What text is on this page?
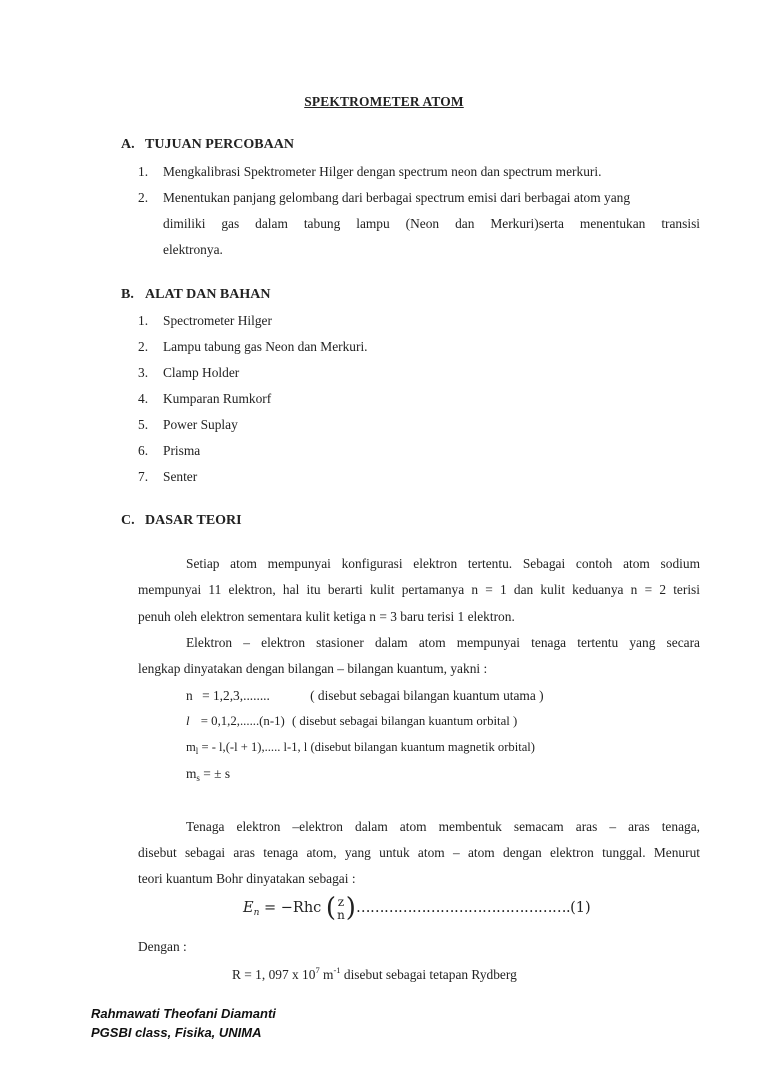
SPEKTROMETER ATOM
A. TUJUAN PERCOBAAN
1. Mengkalibrasi Spektrometer Hilger dengan spectrum neon dan spectrum merkuri.
2. Menentukan panjang gelombang dari berbagai spectrum emisi dari berbagai atom yang
dimiliki gas dalam tabung lampu (Neon dan Merkuri)serta menentukan transisi
elektronya.
B. ALAT DAN BAHAN
1. Spectrometer Hilger
2. Lampu tabung gas Neon dan Merkuri.
3. Clamp Holder
4. Kumparan Rumkorf
5. Power Suplay
6. Prisma
7. Senter
C. DASAR TEORI
Setiap atom mempunyai konfigurasi elektron tertentu. Sebagai contoh atom sodium
mempunyai 11 elektron, hal itu berarti kulit pertamanya n = 1 dan kulit keduanya n = 2 terisi
penuh oleh elektron sementara kulit ketiga n = 3 baru terisi 1 elektron.
Elektron – elektron stasioner dalam atom mempunyai tenaga tertentu yang secara
lengkap dinyatakan dengan bilangan – bilangan kuantum, yakni :
n = 1,2,3,........	( disebut sebagai bilangan kuantum utama )
l = 0,1,2,......(n-1) ( disebut sebagai bilangan kuantum orbital )
$m_l$ = - l,(-l + 1),..... l-1, l (disebut bilangan kuantum magnetik orbital)
$m_s$ = ± s
Tenaga elektron –elektron dalam atom membentuk semacam aras – aras tenaga,
disebut sebagai aras tenaga atom, yang untuk atom – atom dengan elektron tunggal. Menurut
teori kuantum Bohr dinyatakan sebagai :
$E_n = -Rhc$ ( z
n )……………………………………….(1)
Dengan :
R = 1, 097 x $10^7$ $m^{-1}$ disebut sebagai tetapan Rydberg
Rahmawati Theofani Diamanti
PGSBI class, Fisika, UNIMA
